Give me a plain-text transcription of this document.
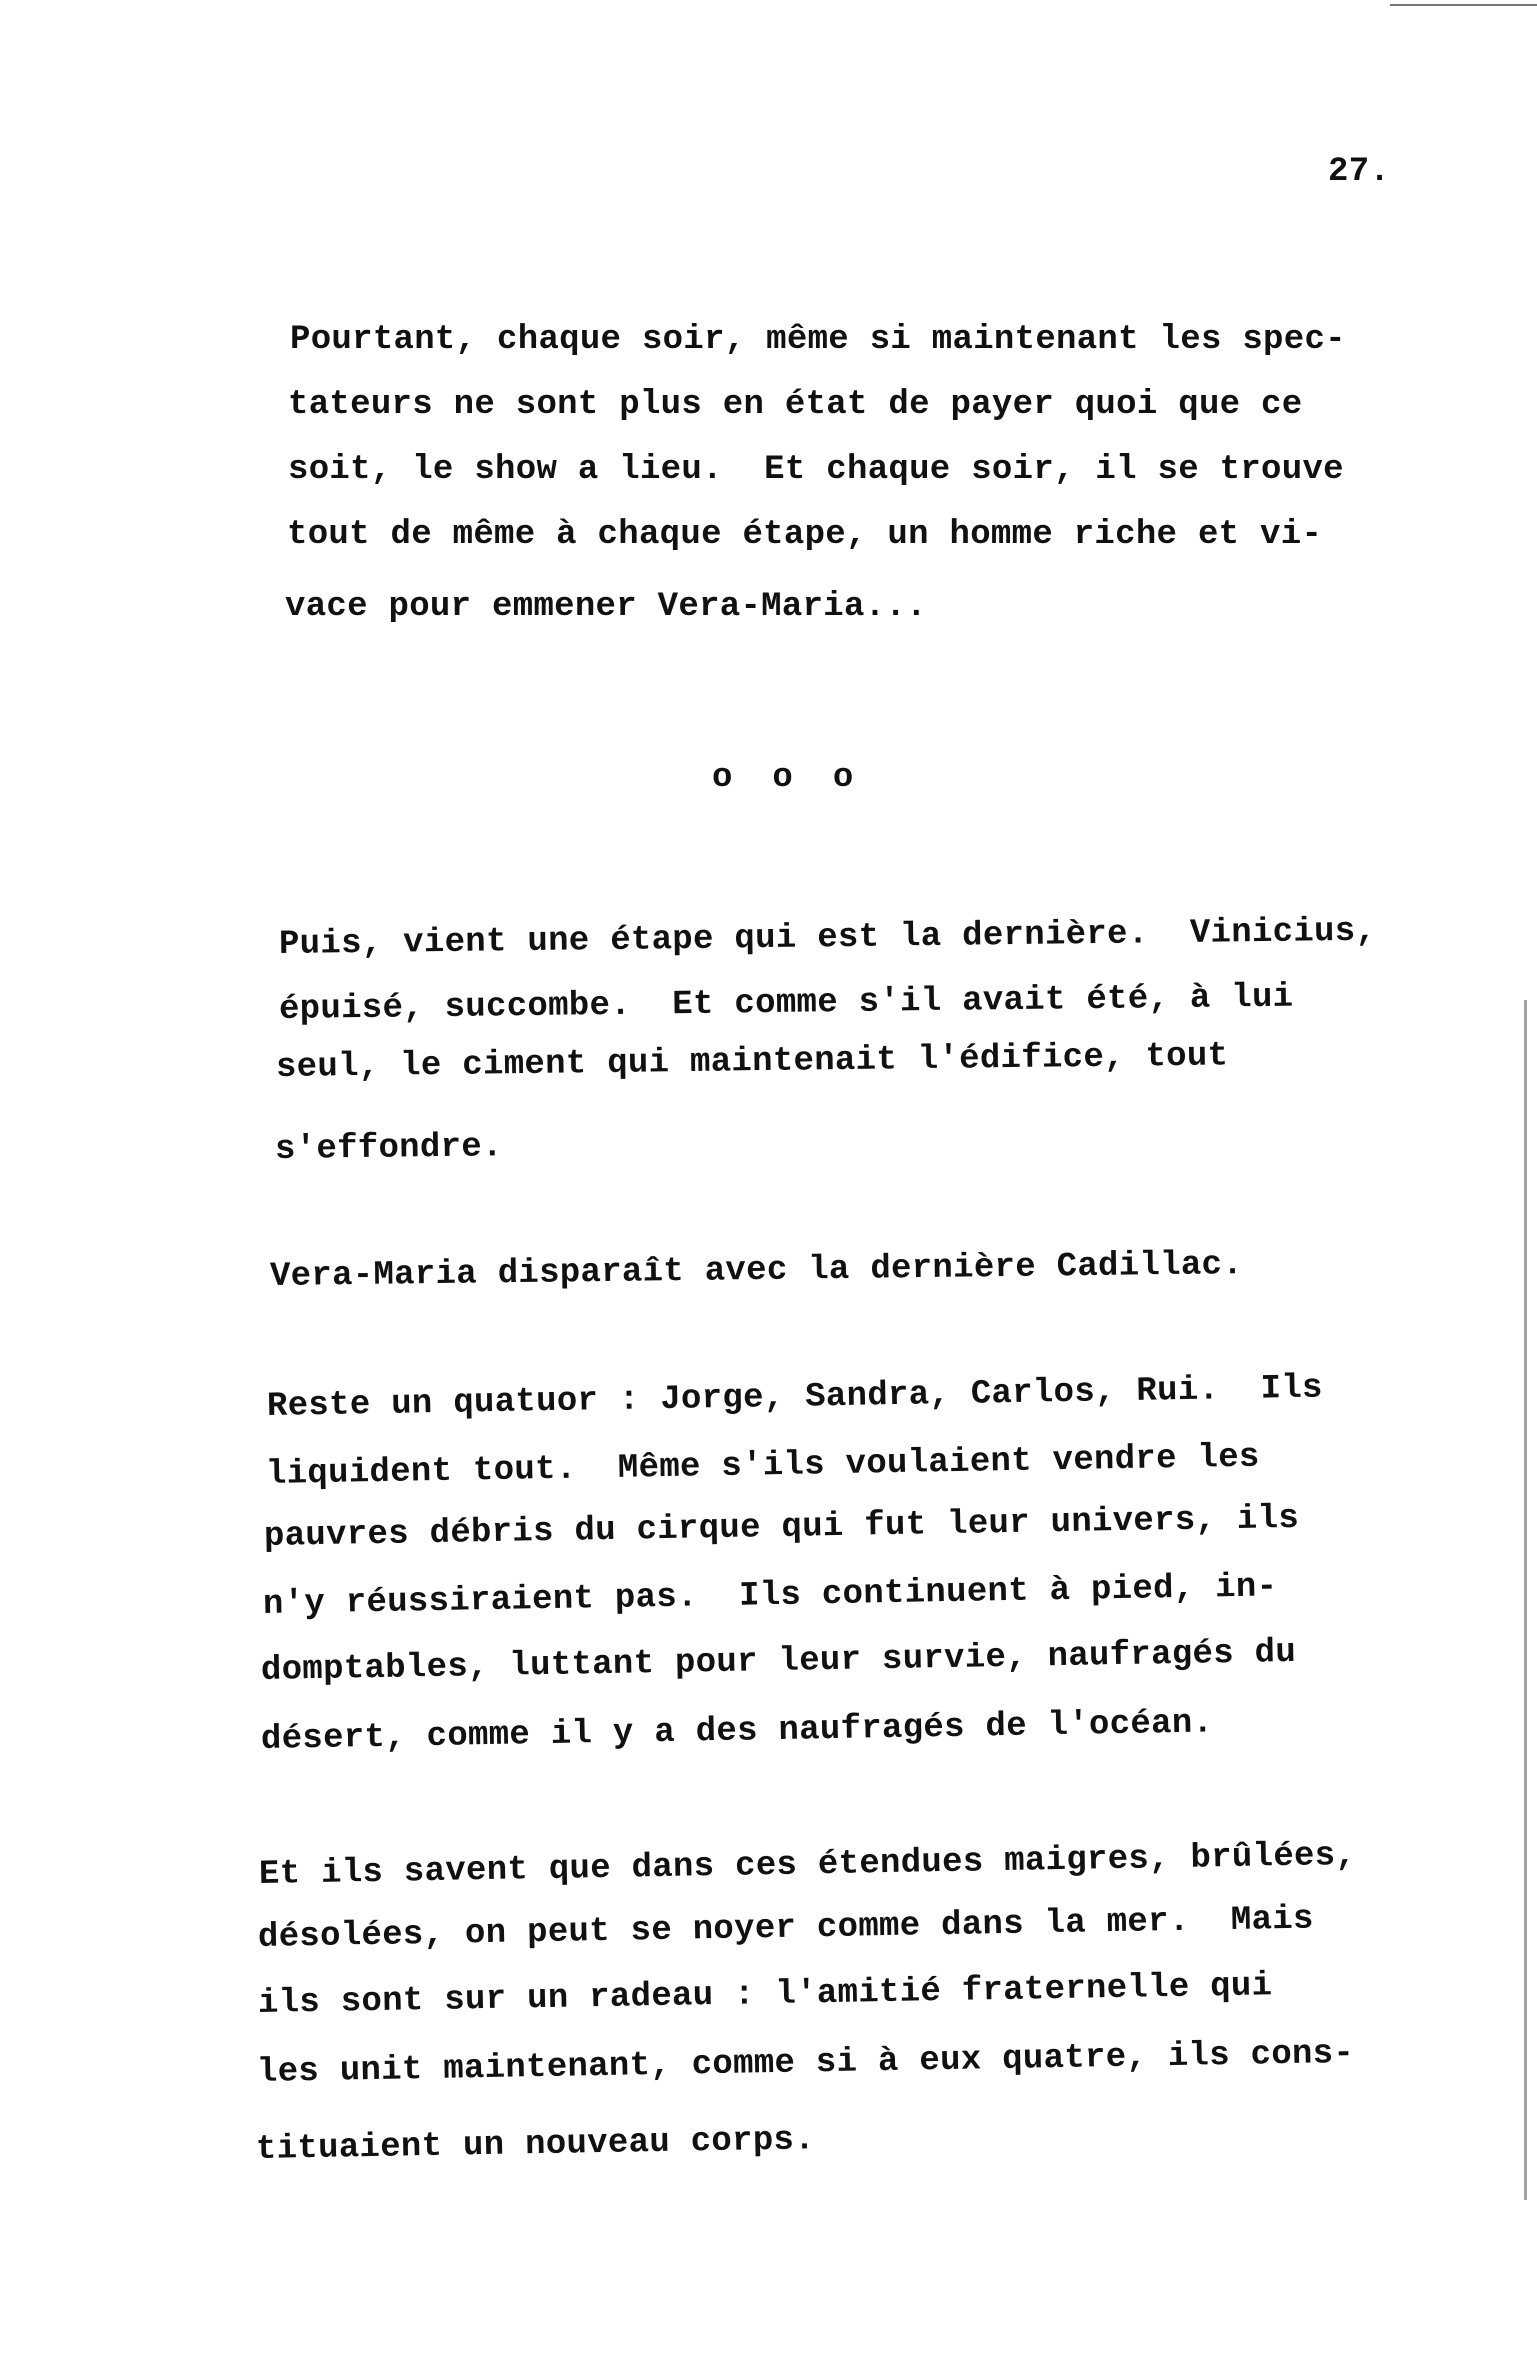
27.
Pourtant, chaque soir, même si maintenant les spec-
tateurs ne sont plus en état de payer quoi que ce
soit, le show a lieu.  Et chaque soir, il se trouve
tout de même à chaque étape, un homme riche et vi-
vace pour emmener Vera-Maria...
o o o
Puis, vient une étape qui est la dernière.  Vinicius,
épuisé, succombe.  Et comme s'il avait été, à lui
seul, le ciment qui maintenait l'édifice, tout
s'effondre.
Vera-Maria disparaît avec la dernière Cadillac.
Reste un quatuor : Jorge, Sandra, Carlos, Rui.  Ils
liquident tout.  Même s'ils voulaient vendre les
pauvres débris du cirque qui fut leur univers, ils
n'y réussiraient pas.  Ils continuent à pied, in-
domptables, luttant pour leur survie, naufragés du
désert, comme il y a des naufragés de l'océan.
Et ils savent que dans ces étendues maigres, brûlées,
désolées, on peut se noyer comme dans la mer.  Mais
ils sont sur un radeau : l'amitié fraternelle qui
les unit maintenant, comme si à eux quatre, ils cons-
tituaient un nouveau corps.
